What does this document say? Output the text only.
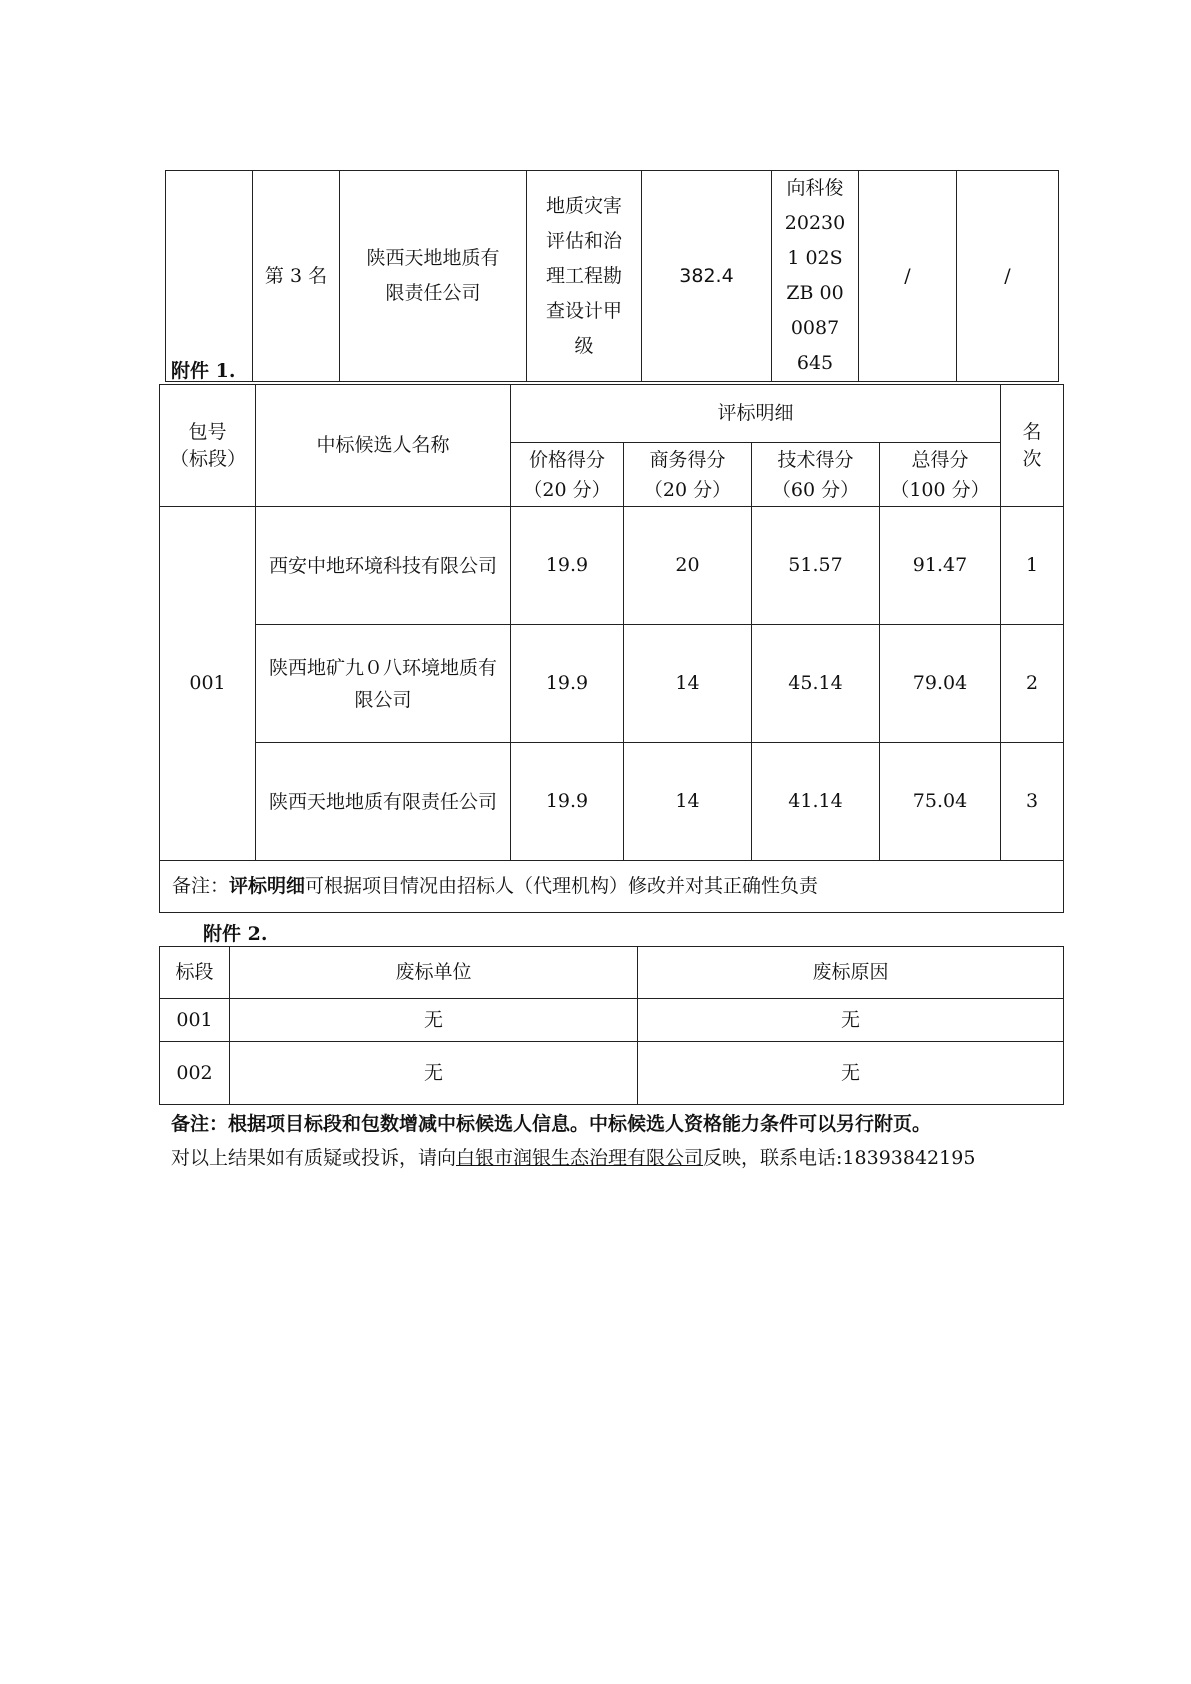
	第 3 名	陕西天地地质有限责任公司	地质灾害评估和治理工程勘查设计甲级	382.4	向科俊 202301 02SZB 000087 645	/	/
附件 1.
包号（标段）	中标候选人名称	评标明细				名次
		价格得分（20 分）	商务得分（20 分）	技术得分（60 分）	总得分（100 分）	
001	西安中地环境科技有限公司	19.9	20	51.57	91.47	1
	陕西地矿九０八环境地质有限公司	19.9	14	45.14	79.04	2
	陕西天地地质有限责任公司	19.9	14	41.14	75.04	3
备注：评标明细可根据项目情况由招标人（代理机构）修改并对其正确性负责						
附件 2.
标段	废标单位	废标原因
001	无	无
002	无	无
备注：根据项目标段和包数增减中标候选人信息。中标候选人资格能力条件可以另行附页。
对以上结果如有质疑或投诉，请向白银市润银生态治理有限公司反映，联系电话:18393842195
